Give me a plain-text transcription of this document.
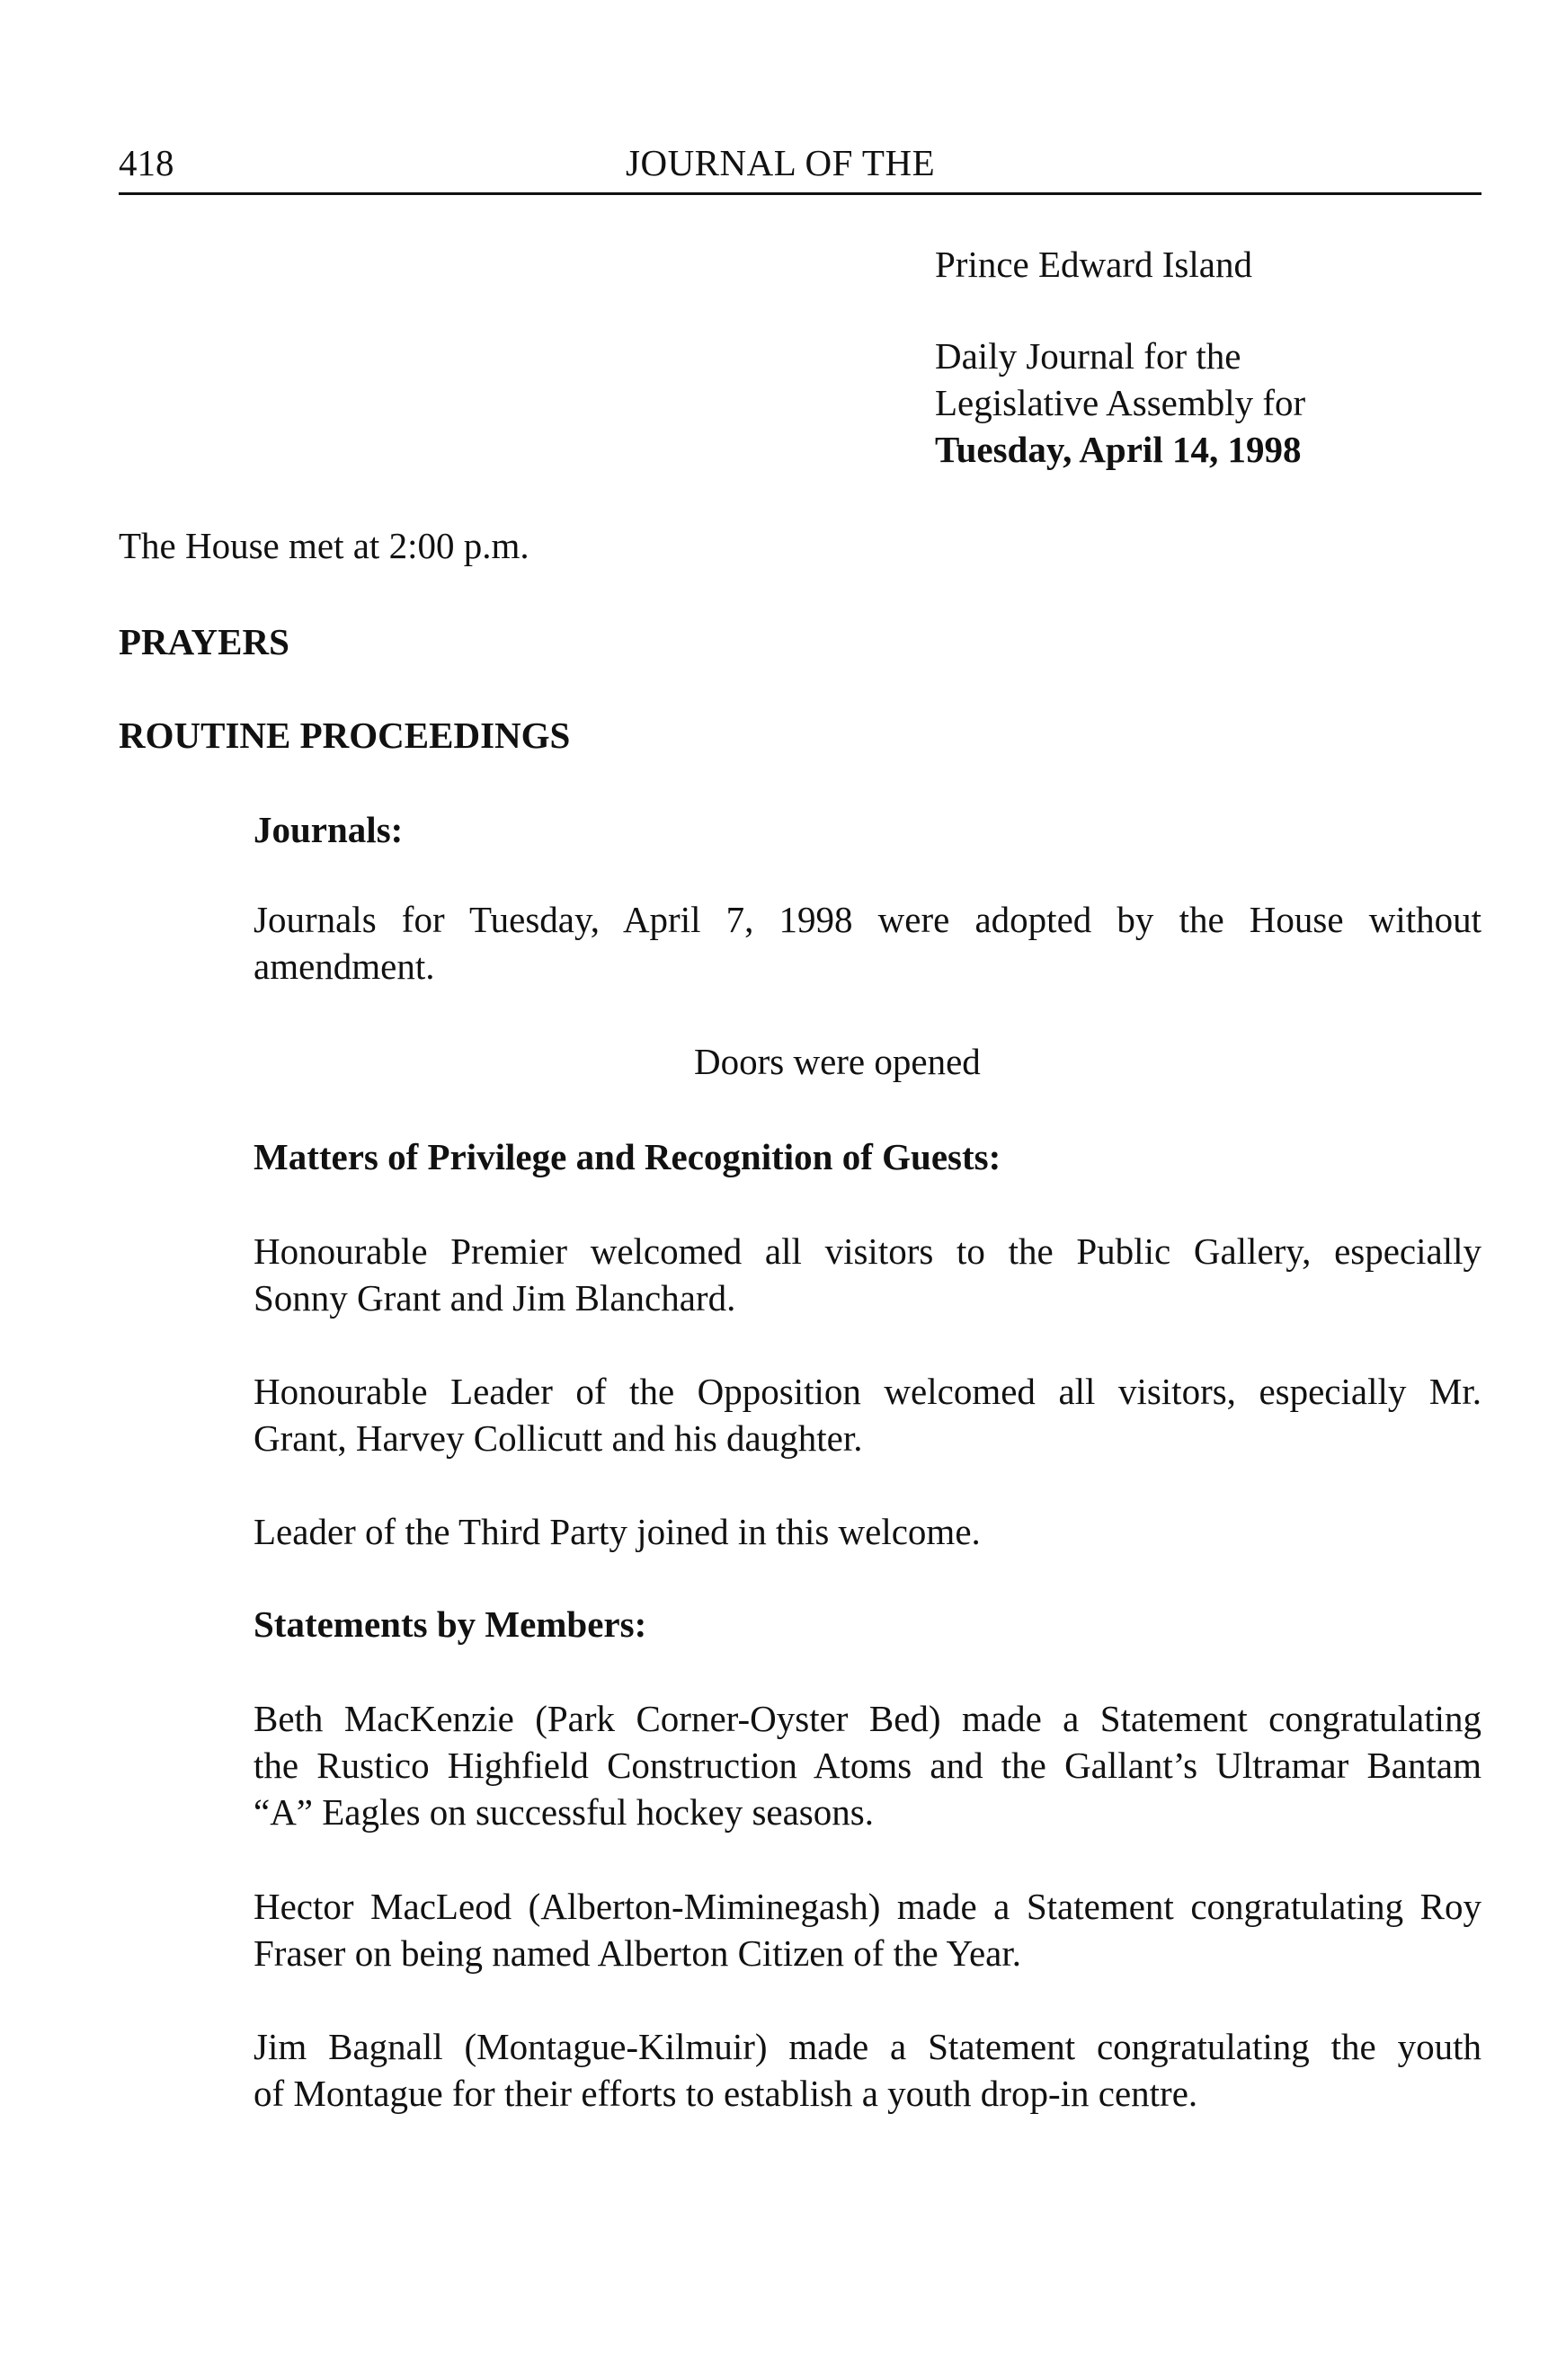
418	JOURNAL OF THE
Prince Edward Island
Daily Journal for the
Legislative Assembly for
Tuesday, April 14, 1998
The House met at 2:00 p.m.
PRAYERS
ROUTINE PROCEEDINGS
Journals:
Journals for Tuesday, April 7, 1998 were adopted by the House without
amendment.
Doors were opened
Matters of Privilege and Recognition of Guests:
Honourable Premier welcomed all visitors to the Public Gallery, especially
Sonny Grant and Jim Blanchard.
Honourable Leader of the Opposition welcomed all visitors, especially Mr.
Grant, Harvey Collicutt and his daughter.
Leader of the Third Party joined in this welcome.
Statements by Members:
Beth MacKenzie (Park Corner-Oyster Bed) made a Statement congratulating
the Rustico Highfield Construction Atoms and the Gallant’s Ultramar Bantam
“A” Eagles on successful hockey seasons.
Hector MacLeod (Alberton-Miminegash) made a Statement congratulating Roy
Fraser on being named Alberton Citizen of the Year.
Jim Bagnall (Montague-Kilmuir) made a Statement congratulating the youth
of Montague for their efforts to establish a youth drop-in centre.
